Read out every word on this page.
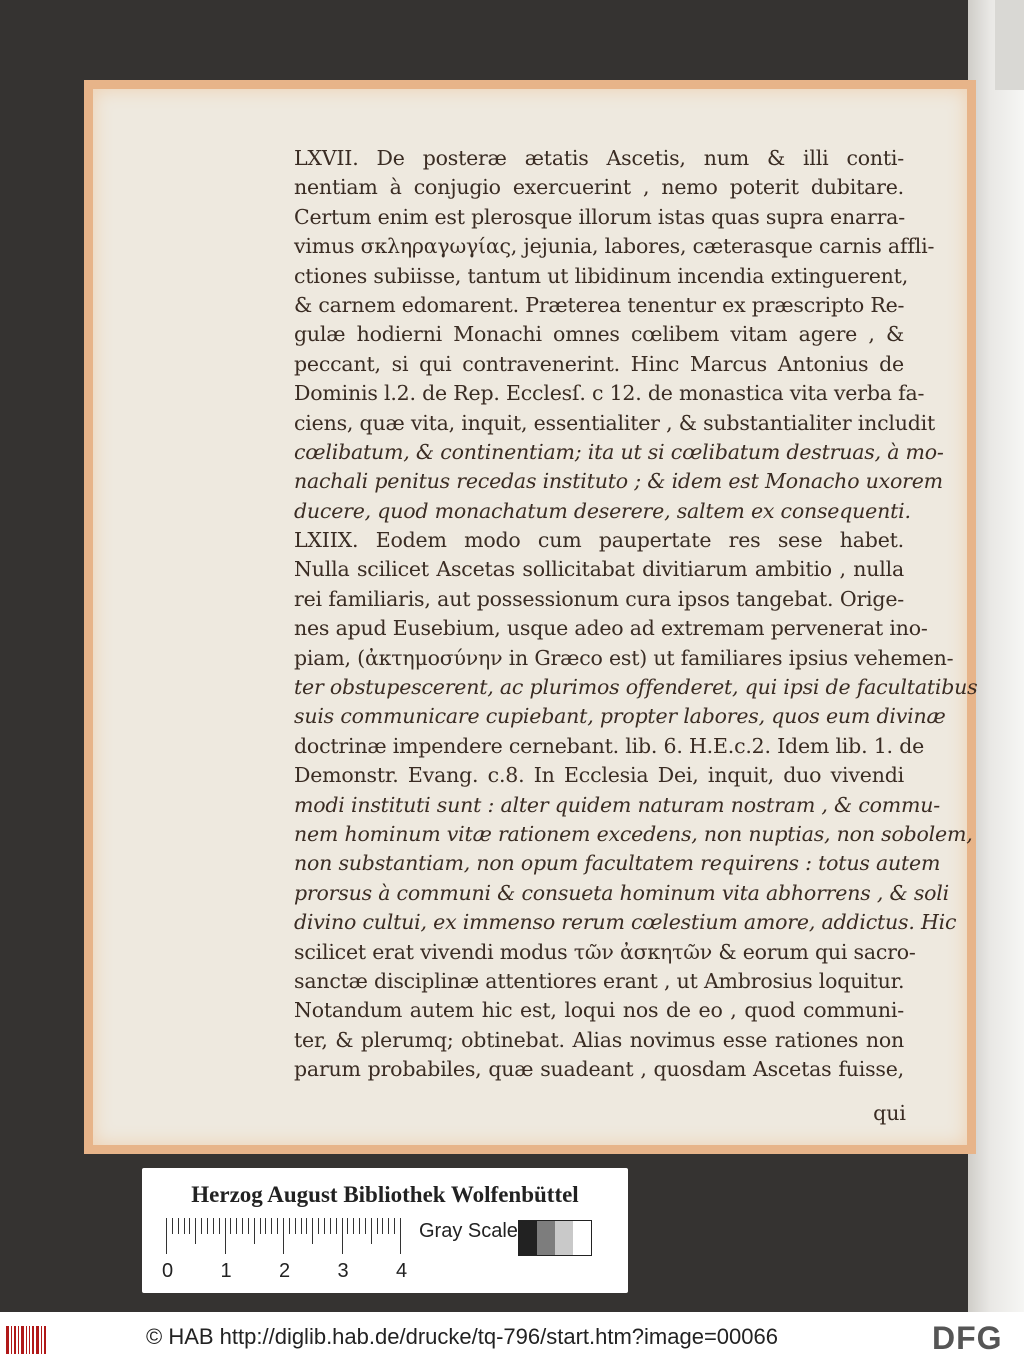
LXVII. De posteræ ætatis Ascetis, num & illi conti-
nentiam à conjugio exercuerint , nemo poterit dubitare.
Certum enim est plerosque illorum istas quas supra enarra-
vimus σκληραγωγίας, jejunia, labores, cæterasque carnis affli-
ctiones subiisse, tantum ut libidinum incendia extinguerent,
& carnem edomarent. Præterea tenentur ex præscripto Re-
gulæ hodierni Monachi omnes cœlibem vitam agere , &
peccant, si qui contravenerint. Hinc Marcus Antonius de
Dominis l.2. de Rep. Ecclesſ. c 12. de monastica vita verba fa-
ciens, quæ vita, inquit, essentialiter , & substantialiter includit
cœlibatum, & continentiam; ita ut si cœlibatum destruas, à mo-
nachali penitus recedas instituto ; & idem est Monacho uxorem
ducere, quod monachatum deserere, saltem ex consequenti.
LXIIX. Eodem modo cum paupertate res sese habet.
Nulla scilicet Ascetas sollicitabat divitiarum ambitio , nulla
rei familiaris, aut possessionum cura ipsos tangebat. Orige-
nes apud Eusebium, usque adeo ad extremam pervenerat ino-
piam, (ἀκτημοσύνην in Græco est) ut familiares ipsius vehemen-
ter obstupescerent, ac plurimos offenderet, qui ipsi de facultatibus
suis communicare cupiebant, propter labores, quos eum divinæ
doctrinæ impendere cernebant. lib. 6. H.E.c.2. Idem lib. 1. de
Demonstr. Evang. c.8. In Ecclesia Dei, inquit, duo vivendi
modi instituti sunt : alter quidem naturam nostram , & commu-
nem hominum vitæ rationem excedens, non nuptias, non sobolem,
non substantiam, non opum facultatem requirens : totus autem
prorsus à communi & consueta hominum vita abhorrens , & soli
divino cultui, ex immenso rerum cœlestium amore, addictus. Hic
scilicet erat vivendi modus τῶν ἀσκητῶν & eorum qui sacro-
sanctæ disciplinæ attentiores erant , ut Ambrosius loquitur.
Notandum autem hic est, loqui nos de eo , quod communi-
ter, & plerumq; obtinebat. Alias novimus esse rationes non
parum probabiles, quæ suadeant , quosdam Ascetas fuisse,
qui
Herzog August Bibliothek Wolfenbüttel
0 1 2 3 4
Gray Scale
© HAB http://diglib.hab.de/drucke/tq-796/start.htm?image=00066	DFG
